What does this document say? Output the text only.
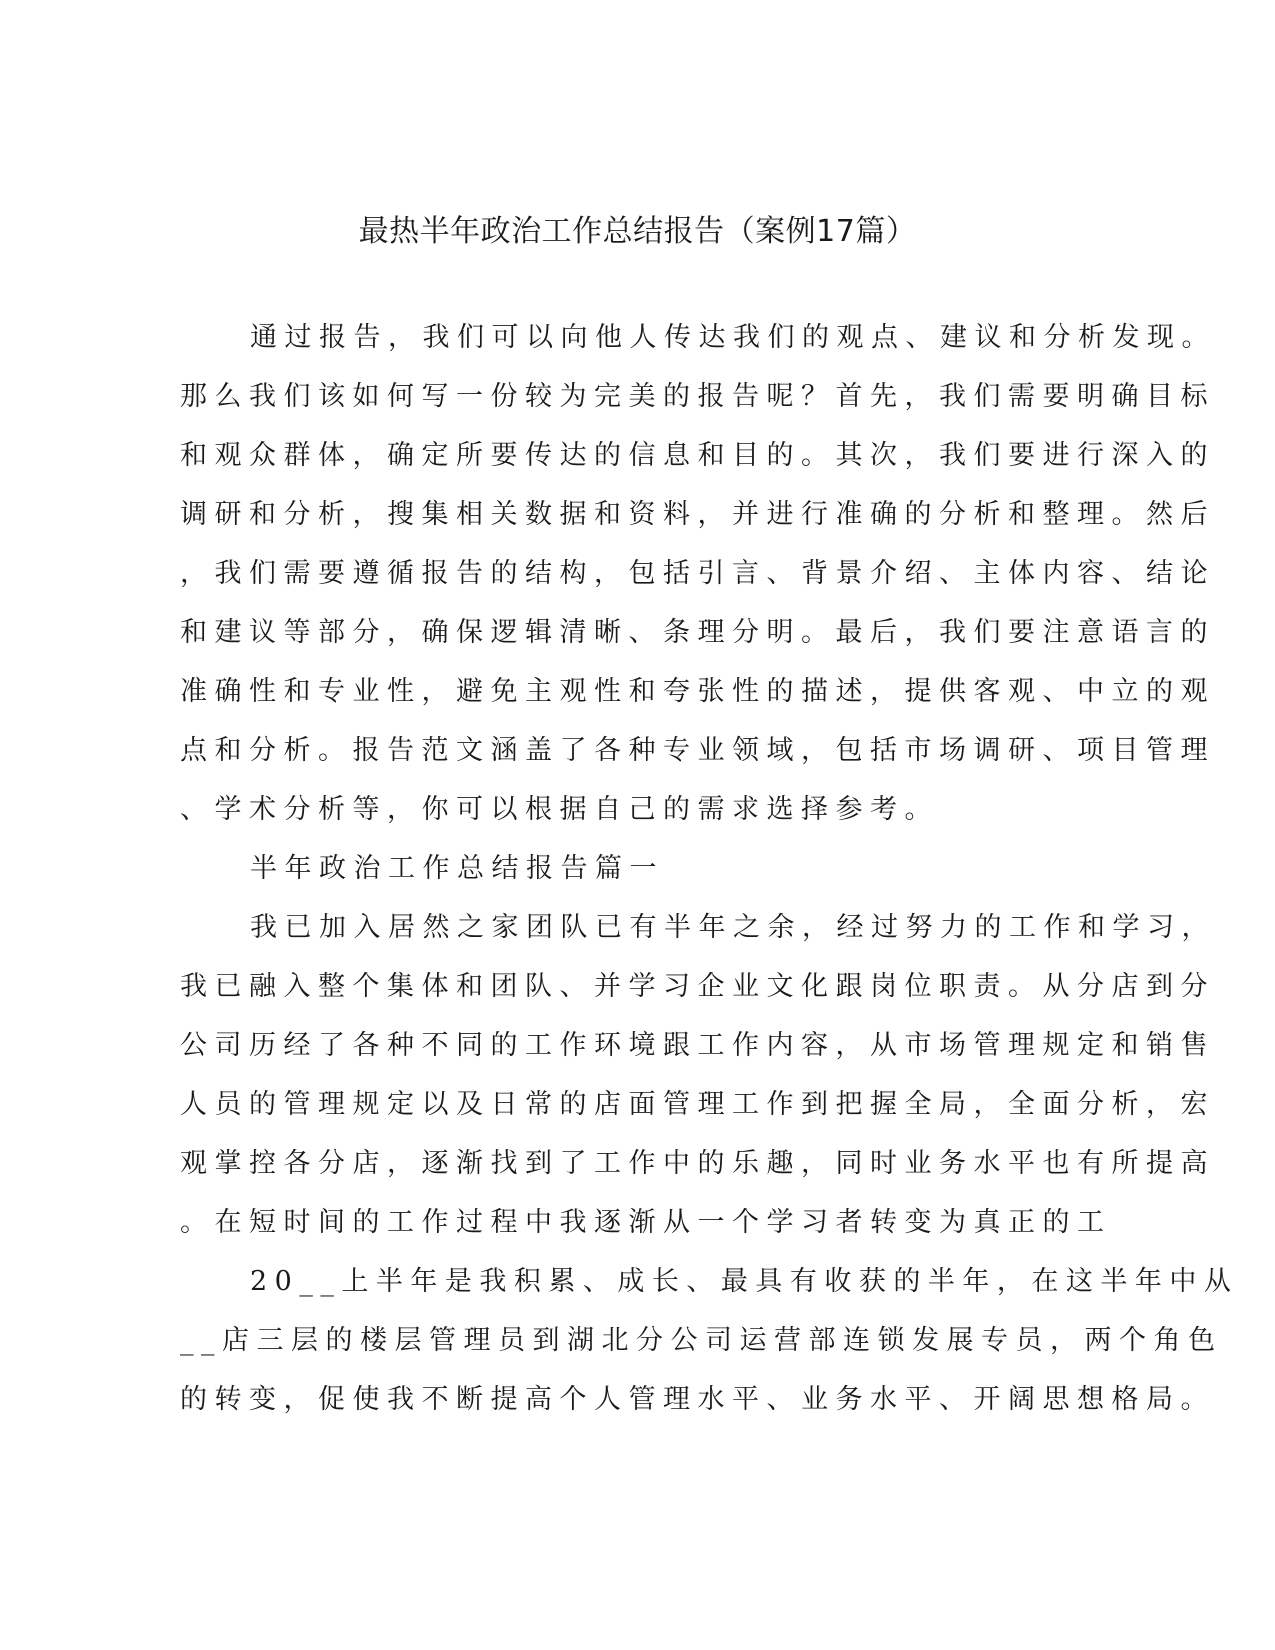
最热半年政治工作总结报告（案例17篇）
通过报告，我们可以向他人传达我们的观点、建议和分析发现。
那么我们该如何写一份较为完美的报告呢？首先，我们需要明确目标
和观众群体，确定所要传达的信息和目的。其次，我们要进行深入的
调研和分析，搜集相关数据和资料，并进行准确的分析和整理。然后
，我们需要遵循报告的结构，包括引言、背景介绍、主体内容、结论
和建议等部分，确保逻辑清晰、条理分明。最后，我们要注意语言的
准确性和专业性，避免主观性和夸张性的描述，提供客观、中立的观
点和分析。报告范文涵盖了各种专业领域，包括市场调研、项目管理
、学术分析等，你可以根据自己的需求选择参考。
半年政治工作总结报告篇一
我已加入居然之家团队已有半年之余，经过努力的工作和学习，
我已融入整个集体和团队、并学习企业文化跟岗位职责。从分店到分
公司历经了各种不同的工作环境跟工作内容，从市场管理规定和销售
人员的管理规定以及日常的店面管理工作到把握全局，全面分析，宏
观掌控各分店，逐渐找到了工作中的乐趣，同时业务水平也有所提高
。在短时间的工作过程中我逐渐从一个学习者转变为真正的工
20__上半年是我积累、成长、最具有收获的半年，在这半年中从
__店三层的楼层管理员到湖北分公司运营部连锁发展专员，两个角色
的转变，促使我不断提高个人管理水平、业务水平、开阔思想格局。
